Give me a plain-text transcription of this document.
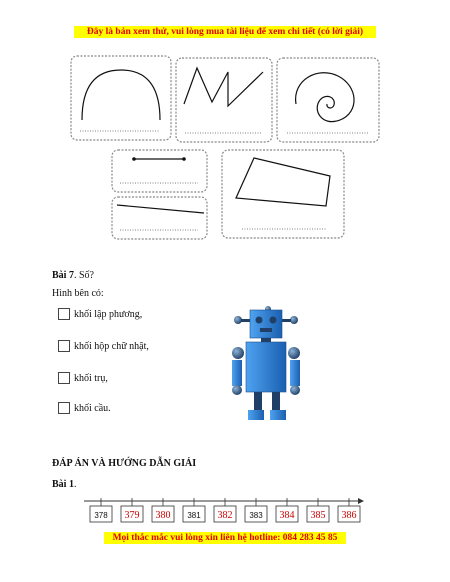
Đây là bản xem thử, vui lòng mua tài liệu để xem chi tiết (có lời giải)
Bài 7. Số?
Hình bên có:
khối lập phương,
khối hộp chữ nhật,
khối trụ,
khối cầu.
ĐÁP ÁN VÀ HƯỚNG DẪN GIẢI
Bài 1.
378 379 380 381 382 383 384 385 386
Mọi thắc mắc vui lòng xin liên hệ hotline: 084 283 45 85
